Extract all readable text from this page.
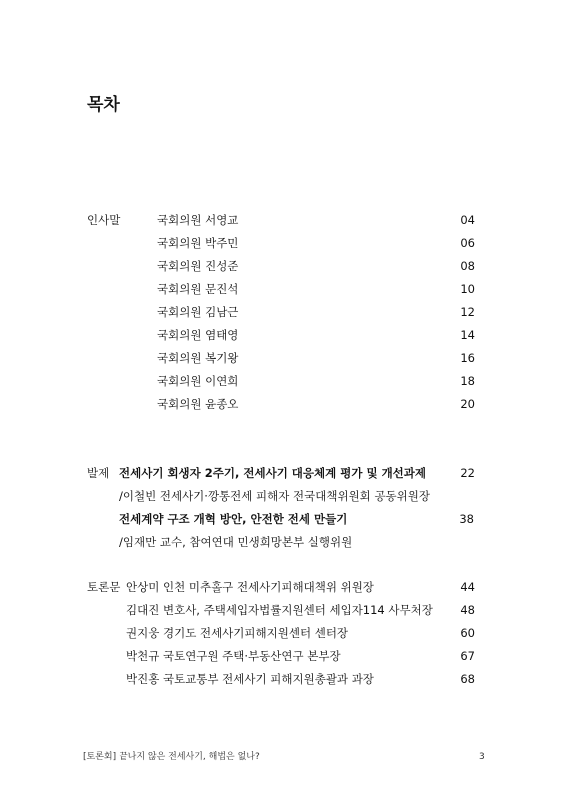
목차
인사말	국회의원 서영교	04
국회의원 박주민	06
국회의원 진성준	08
국회의원 문진석	10
국회의원 김남근	12
국회의원 염태영	14
국회의원 복기왕	16
국회의원 이연희	18
국회의원 윤종오	20
발제 전세사기 회생자 2주기, 전세사기 대응체계 평가 및 개선과제	22
/이철빈 전세사기·깡통전세 피해자 전국대책위원회 공동위원장
전세계약 구조 개혁 방안, 안전한 전세 만들기	38
/임재만 교수, 참여연대 민생희망본부 실행위원
토론문 안상미 인천 미추홀구 전세사기피해대책위 위원장	44
김대진 변호사, 주택세입자법률지원센터 세입자114 사무처장 48
권지웅 경기도 전세사기피해지원센터 센터장	60
박천규 국토연구원 주택·부동산연구 본부장	67
박진홍 국토교통부 전세사기 피해지원총괄과 과장	68
[토론회] 끝나지 않은 전세사기, 해법은 없나?	3
